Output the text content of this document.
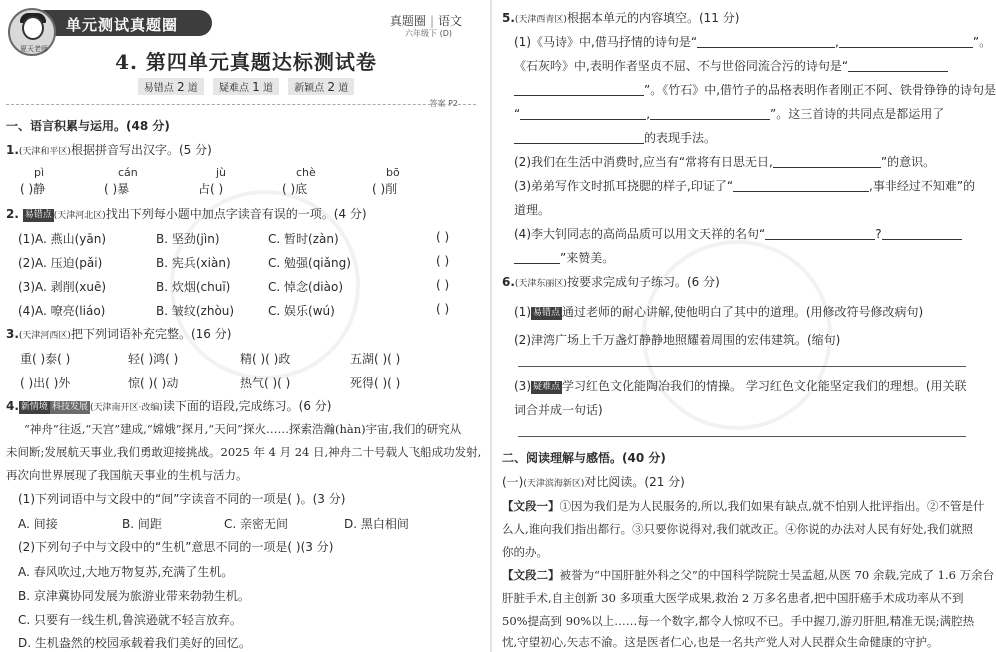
单元测试真题圈
夏天老师
真题圈 | 语文
六年级下 (D)
4. 第四单元真题达标测试卷
易错点 2 道 疑难点 1 道 新颖点 2 道
答案 P2
一、语言积累与运用。(48 分)
1.(天津和平区)根据拼音写出汉字。(5 分)
pì	cán	jù	chè	bō
( )静	( )暴	占( )	( )底	( )削
2. 易错点 (天津河北区)找出下列每小题中加点字读音有误的一项。(4 分)
(1)A. 燕山(yān)	B. 坚劲(jìn)	C. 暂时(zàn)	( )
(2)A. 压迫(pǎi)	B. 宪兵(xiàn)	C. 勉强(qiǎng)	( )
(3)A. 剥削(xuē)	B. 炊烟(chuī)	C. 悼念(diào)	( )
(4)A. 嘹亮(liáo)	B. 皱纹(zhòu)	C. 娱乐(wú)	( )
3.(天津河西区)把下列词语补充完整。(16 分)
重( )泰( )	轻( )鸿( )	精( )( )政	五湖( )( )
( )出( )外	惊( )( )动	热气( )( )	死得( )( )
4. 新情境 科技发展 (天津南开区·改编)读下面的语段,完成练习。(6 分)
“神舟”往返,“天宫”建成,“嫦娥”探月,“天问”探火……探索浩瀚(hàn)宇宙,我们的研究从
未间断;发展航天事业,我们勇敢迎接挑战。2025 年 4 月 24 日,神舟二十号载人飞船成功发射,
再次向世界展现了我国航天事业的生机与活力。
(1)下列词语中与文段中的“间”字读音不同的一项是( )。(3 分)
A. 间接	B. 间距	C. 亲密无间	D. 黑白相间
(2)下列句子中与文段中的“生机”意思不同的一项是( )(3 分)
A. 春风吹过,大地万物复苏,充满了生机。
B. 京津冀协同发展为旅游业带来勃勃生机。
C. 只要有一线生机,鲁滨逊就不轻言放弃。
D. 生机盎然的校园承载着我们美好的回忆。
5.(天津西青区)根据本单元的内容填空。(11 分)
(1)《马诗》中,借马抒情的诗句是“	,	”。
《石灰吟》中,表明作者坚贞不屈、不与世俗同流合污的诗句是“
”。《竹石》中,借竹子的品格表明作者刚正不阿、铁骨铮铮的诗句是
“	,	”。这三首诗的共同点是都运用了
的表现手法。
(2)我们在生活中消费时,应当有“常将有日思无日,	”的意识。
(3)弟弟写作文时抓耳挠腮的样子,印证了“	,事非经过不知难”的
道理。
(4)李大钊同志的高尚品质可以用文天祥的名句“	?
”来赞美。
6.(天津东丽区)按要求完成句子练习。(6 分)
(1) 易错点 通过老师的耐心讲解,使他明白了其中的道理。(用修改符号修改病句)
(2)津湾广场上千万盏灯静静地照耀着周围的宏伟建筑。(缩句)
(3) 疑难点 学习红色文化能陶冶我们的情操。 学习红色文化能坚定我们的理想。(用关联
词合并成一句话)
二、阅读理解与感悟。(40 分)
(一)(天津滨海新区)对比阅读。(21 分)
【文段一】①因为我们是为人民服务的,所以,我们如果有缺点,就不怕别人批评指出。②不管是什
么人,谁向我们指出都行。③只要你说得对,我们就改正。④你说的办法对人民有好处,我们就照
你的办。
【文段二】被誉为“中国肝脏外科之父”的中国科学院院士吴孟超,从医 70 余载,完成了 1.6 万余台
肝脏手术,自主创新 30 多项重大医学成果,救治 2 万多名患者,把中国肝癌手术成功率从不到
50%提高到 90%以上……每一个数字,都令人惊叹不已。手中握刀,游刃肝胆,精准无误;满腔热
忱,守望初心,矢志不渝。这是医者仁心,也是一名共产党人对人民群众生命健康的守护。
